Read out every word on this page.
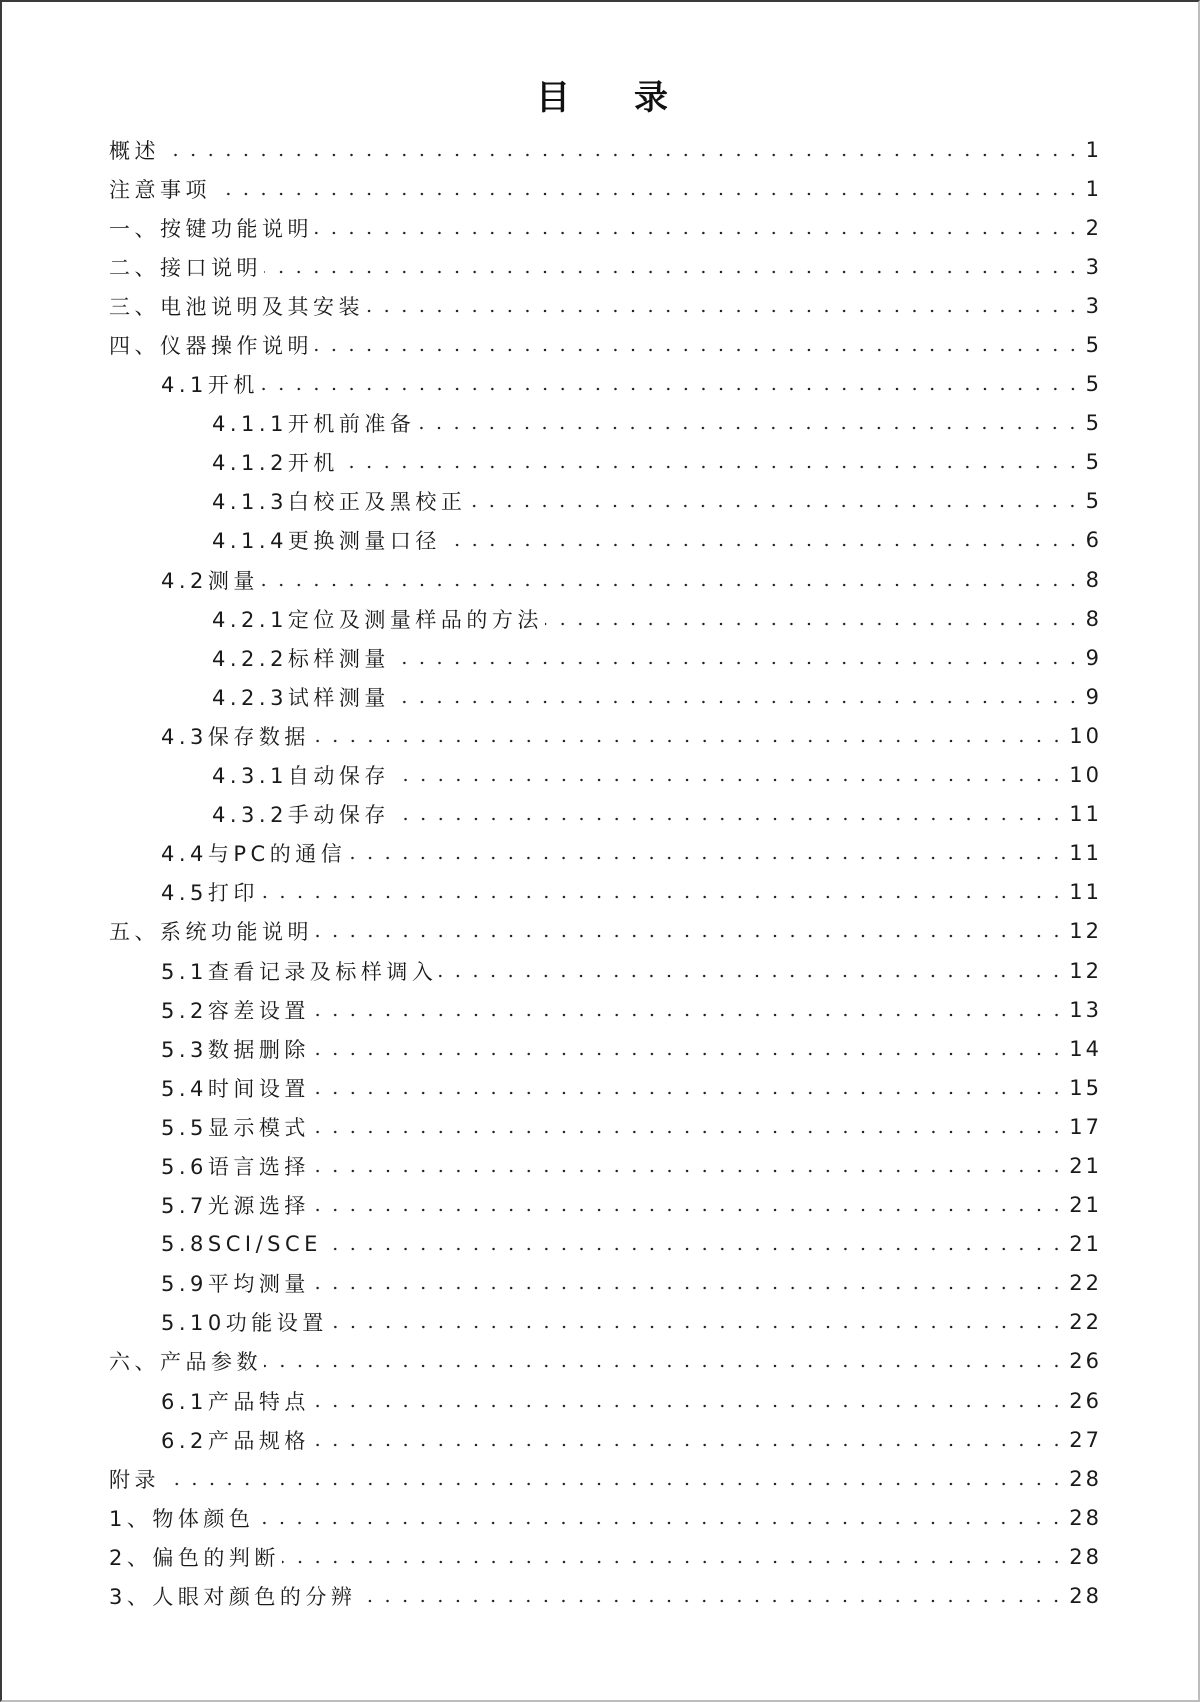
目录
概述	1
注意事项	1
一、按键功能说明	2
二、接口说明	3
三、电池说明及其安装	3
四、仪器操作说明	5
4.1开机	5
4.1.1开机前准备	5
4.1.2开机	5
4.1.3白校正及黑校正	5
4.1.4更换测量口径	6
4.2测量	8
4.2.1定位及测量样品的方法	8
4.2.2标样测量	9
4.2.3试样测量	9
4.3保存数据	10
4.3.1自动保存	10
4.3.2手动保存	11
4.4与PC的通信	11
4.5打印	11
五、系统功能说明	12
5.1查看记录及标样调入	12
5.2容差设置	13
5.3数据删除	14
5.4时间设置	15
5.5显示模式	17
5.6语言选择	21
5.7光源选择	21
5.8SCI/SCE	21
5.9平均测量	22
5.10功能设置	22
六、产品参数	26
6.1产品特点	26
6.2产品规格	27
附录	28
1、物体颜色	28
2、偏色的判断	28
3、人眼对颜色的分辨	28
